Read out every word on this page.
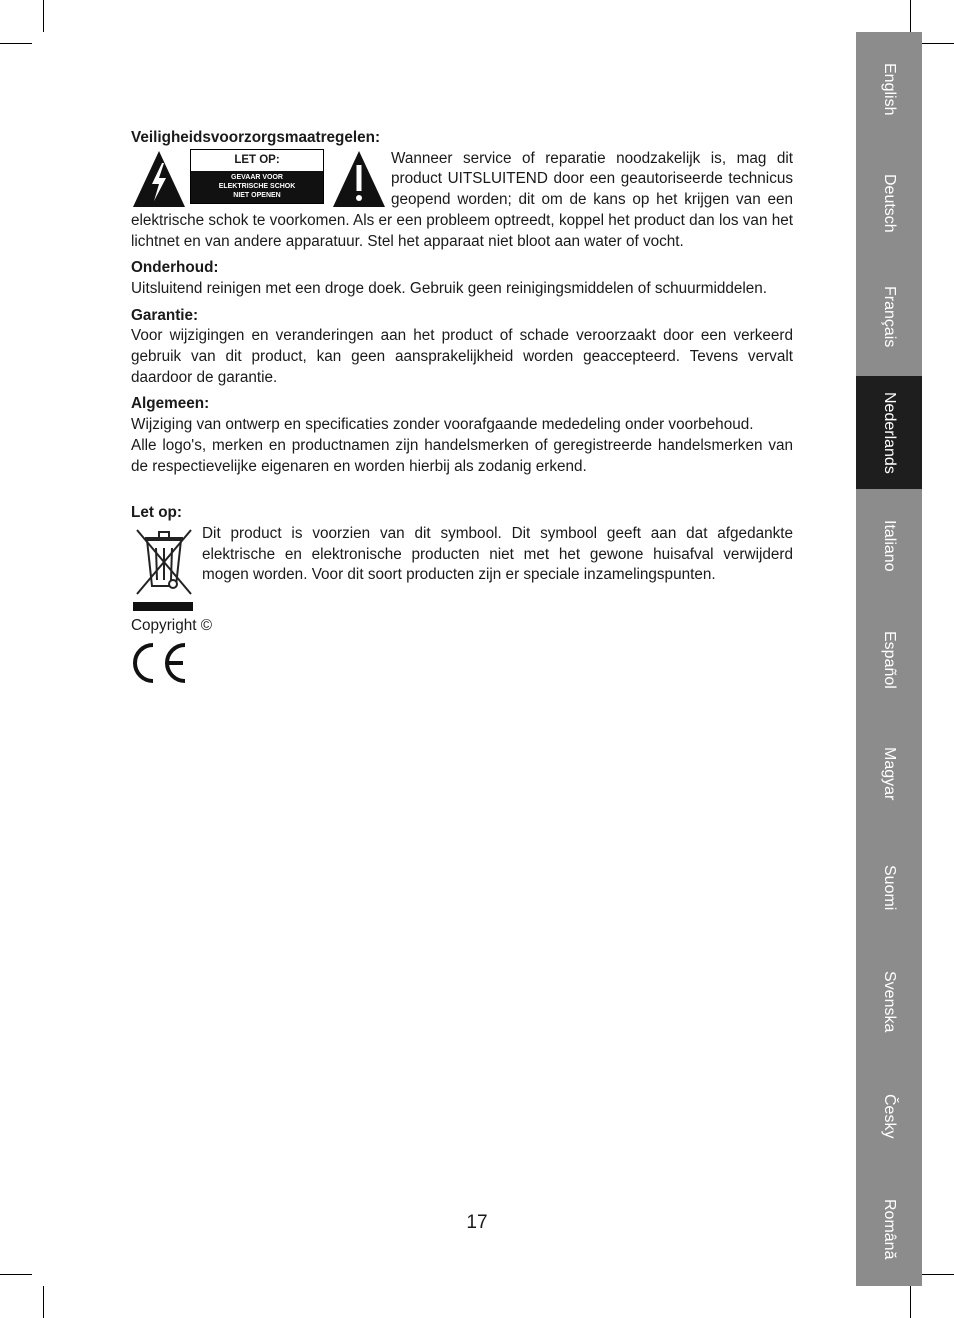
Veiligheidsvoorzorgsmaatregelen:
LET OP:
GEVAAR VOOR
ELEKTRISCHE SCHOK
NIET OPENEN

Wanneer service of reparatie noodzakelijk is, mag dit product UITSLUITEND door een geautoriseerde technicus geopend worden; dit om de kans op het krijgen van een elektrische schok te voorkomen. Als er een probleem optreedt, koppel het product dan los van het lichtnet en van andere apparatuur. Stel het apparaat niet bloot aan water of vocht.

Onderhoud:

Uitsluitend reinigen met een droge doek. Gebruik geen reinigingsmiddelen of schuurmiddelen.

Garantie:

Voor wijzigingen en veranderingen aan het product of schade veroorzaakt door een verkeerd gebruik van dit product, kan geen aansprakelijkheid worden geaccepteerd. Tevens vervalt daardoor de garantie.

Algemeen:

Wijziging van ontwerp en specificaties zonder voorafgaande mededeling onder voorbehoud.

Alle logo's, merken en productnamen zijn handelsmerken of geregistreerde handelsmerken van de respectievelijke eigenaren en worden hierbij als zodanig erkend.

Let op:

Dit product is voorzien van dit symbool. Dit symbool geeft aan dat afgedankte elektrische en elektronische producten niet met het gewone huisafval verwijderd mogen worden. Voor dit soort producten zijn er speciale inzamelingspunten.

Copyright ©
English
Deutsch
Français
Nederlands
Italiano
Español
Magyar
Suomi
Svenska
Česky
Română
17
